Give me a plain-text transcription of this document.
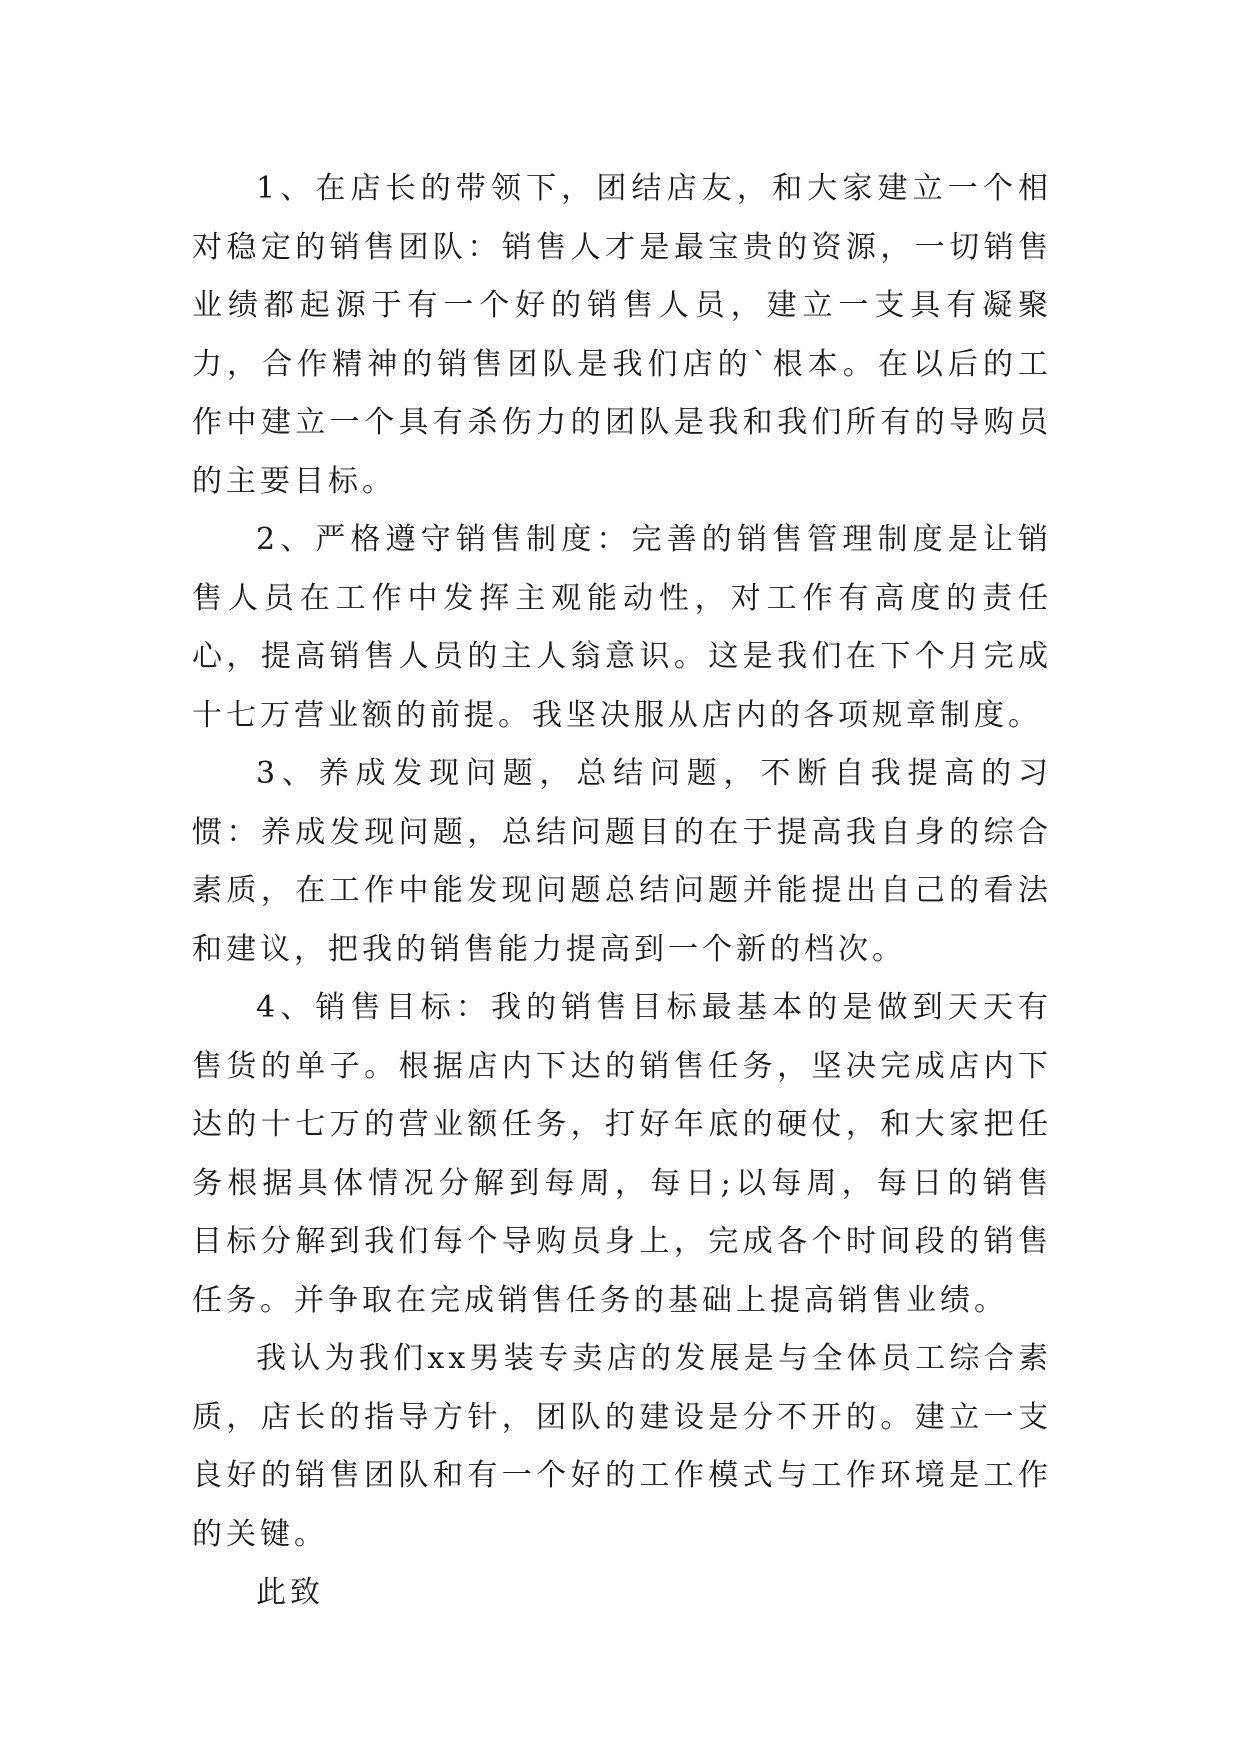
1、在店长的带领下，团结店友，和大家建立一个相对稳定的销售团队：销售人才是最宝贵的资源，一切销售业绩都起源于有一个好的销售人员，建立一支具有凝聚力，合作精神的销售团队是我们店的`根本。在以后的工作中建立一个具有杀伤力的团队是我和我们所有的导购员的主要目标。

2、严格遵守销售制度：完善的销售管理制度是让销售人员在工作中发挥主观能动性，对工作有高度的责任心，提高销售人员的主人翁意识。这是我们在下个月完成十七万营业额的前提。我坚决服从店内的各项规章制度。

3、养成发现问题，总结问题，不断自我提高的习惯：养成发现问题，总结问题目的在于提高我自身的综合素质，在工作中能发现问题总结问题并能提出自己的看法和建议，把我的销售能力提高到一个新的档次。

4、销售目标：我的销售目标最基本的是做到天天有售货的单子。根据店内下达的销售任务，坚决完成店内下达的十七万的营业额任务，打好年底的硬仗，和大家把任务根据具体情况分解到每周，每日;以每周，每日的销售目标分解到我们每个导购员身上，完成各个时间段的销售任务。并争取在完成销售任务的基础上提高销售业绩。

我认为我们xx男装专卖店的发展是与全体员工综合素质，店长的指导方针，团队的建设是分不开的。建立一支良好的销售团队和有一个好的工作模式与工作环境是工作的关键。

此致
